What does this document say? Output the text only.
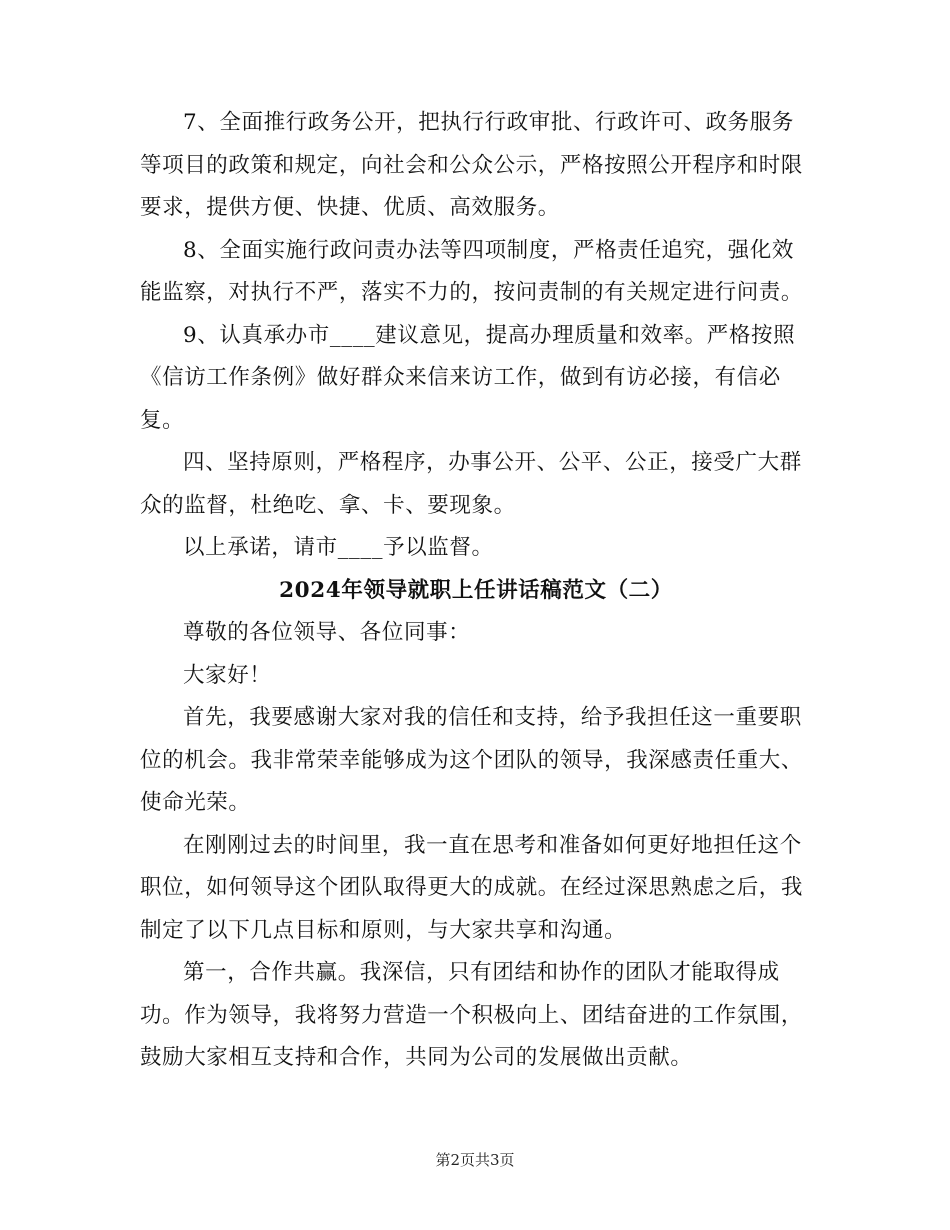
7、全面推行政务公开，把执行行政审批、行政许可、政务服务等项目的政策和规定，向社会和公众公示，严格按照公开程序和时限要求，提供方便、快捷、优质、高效服务。

8、全面实施行政问责办法等四项制度，严格责任追究，强化效能监察，对执行不严，落实不力的，按问责制的有关规定进行问责。

9、认真承办市____建议意见，提高办理质量和效率。严格按照《信访工作条例》做好群众来信来访工作，做到有访必接，有信必复。

四、坚持原则，严格程序，办事公开、公平、公正，接受广大群众的监督，杜绝吃、拿、卡、要现象。

以上承诺，请市____予以监督。

2024年领导就职上任讲话稿范文（二）

尊敬的各位领导、各位同事：

大家好！

首先，我要感谢大家对我的信任和支持，给予我担任这一重要职位的机会。我非常荣幸能够成为这个团队的领导，我深感责任重大、使命光荣。

在刚刚过去的时间里，我一直在思考和准备如何更好地担任这个职位，如何领导这个团队取得更大的成就。在经过深思熟虑之后，我制定了以下几点目标和原则，与大家共享和沟通。

第一，合作共赢。我深信，只有团结和协作的团队才能取得成功。作为领导，我将努力营造一个积极向上、团结奋进的工作氛围，鼓励大家相互支持和合作，共同为公司的发展做出贡献。

第2页共3页
